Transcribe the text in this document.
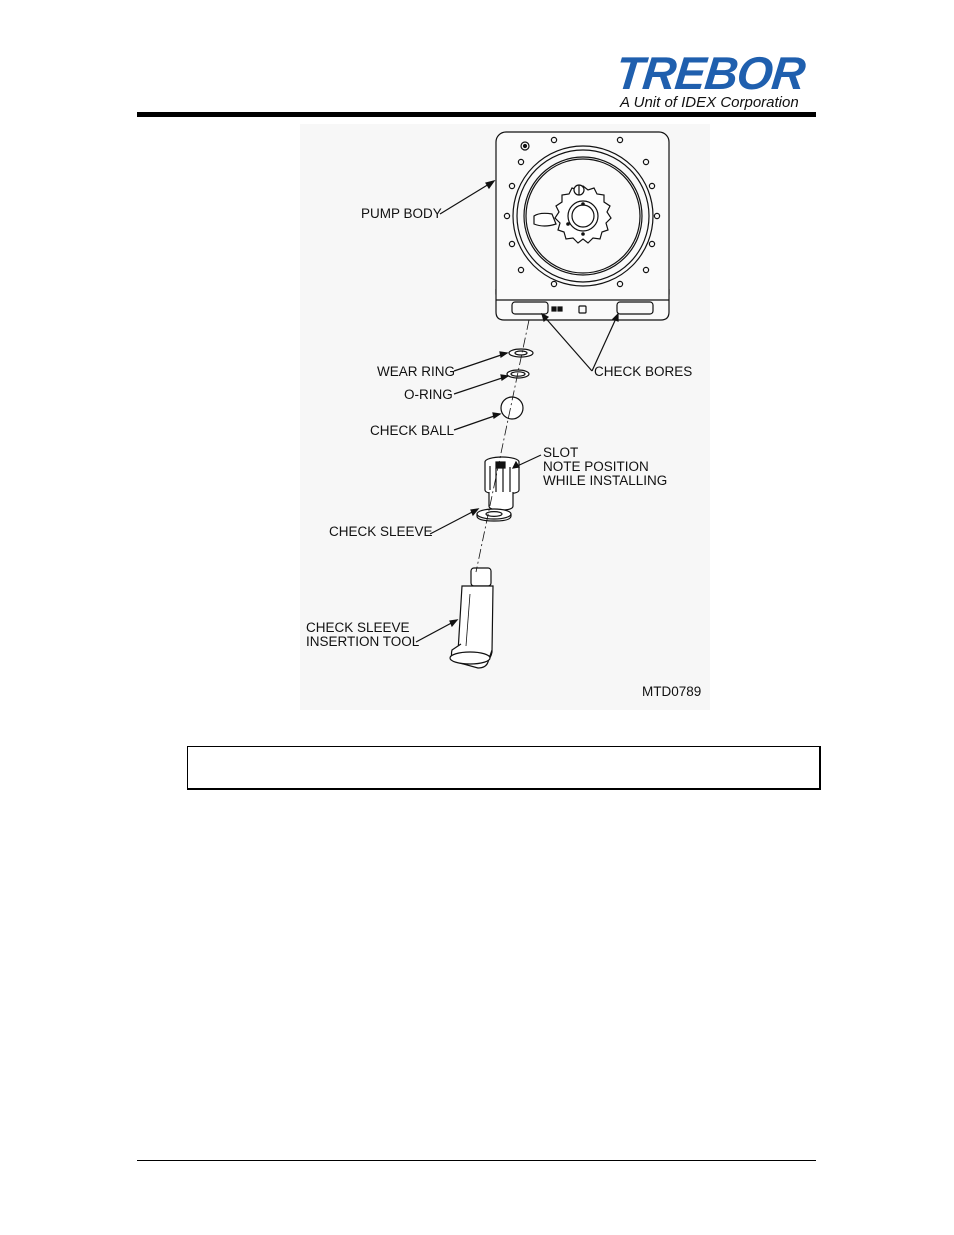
TREBOR
A Unit of IDEX Corporation
PUMP BODY
CHECK BORES
WEAR RING
O-RING
CHECK BALL
SLOT
NOTE POSITION
WHILE INSTALLING
CHECK SLEEVE
CHECK SLEEVE
INSERTION TOOL
MTD0789
